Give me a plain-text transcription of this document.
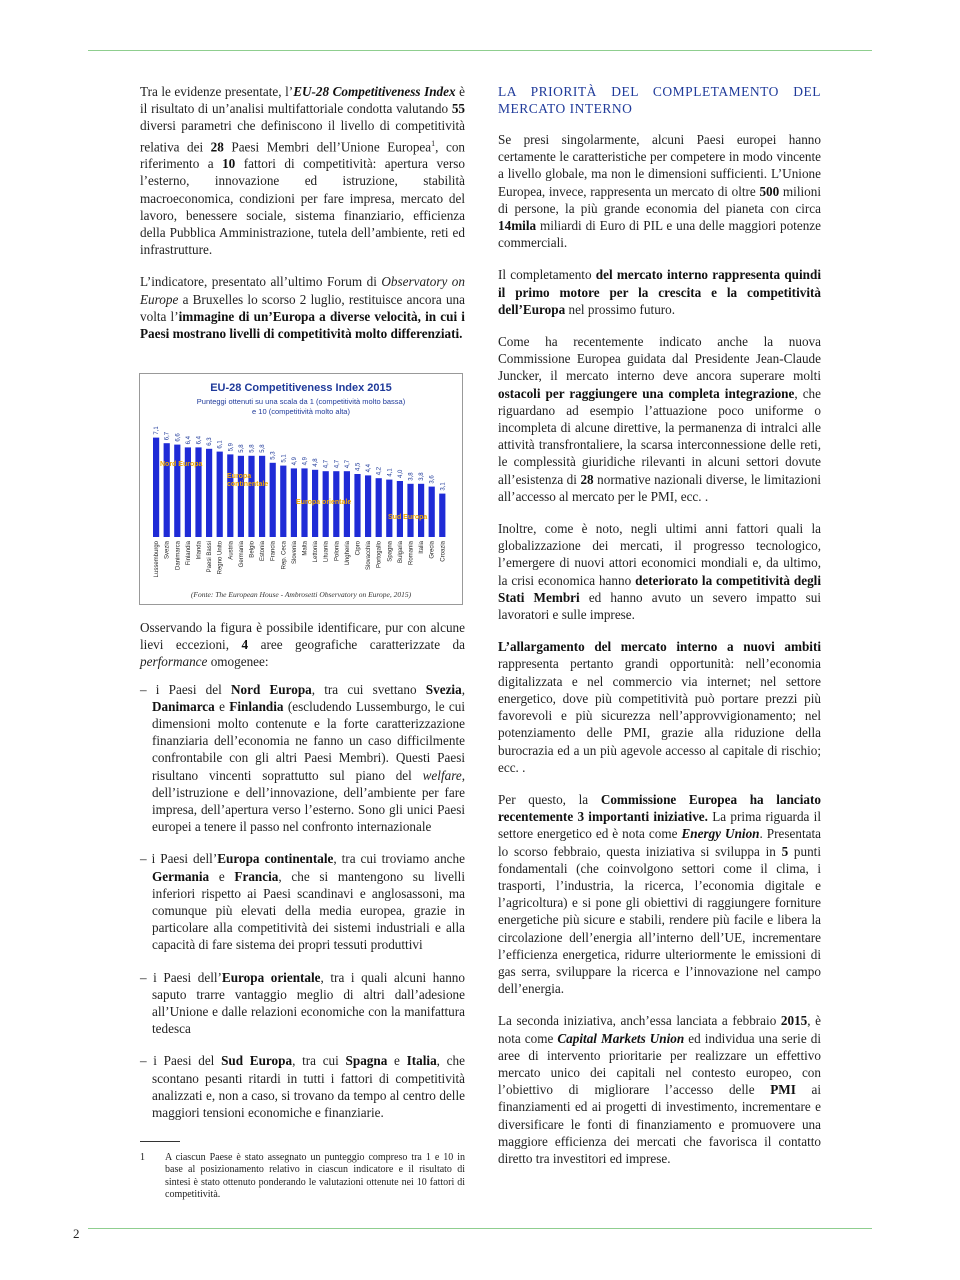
Tra le evidenze presentate, l’EU-28 Competitiveness Index è il risultato di un’analisi multifattoriale condotta valutando 55 diversi parametri che definiscono il livello di competitività relativa dei 28 Paesi Membri dell’Unione Europea$^1$, con riferimento a 10 fattori di competitività: apertura verso l’esterno, innovazione ed istruzione, stabilità macroeconomica, condizioni per fare impresa, mercato del lavoro, benessere sociale, sistema finanziario, efficienza della Pubblica Amministrazione, tutela dell’ambiente, reti ed infrastrutture.

L’indicatore, presentato all’ultimo Forum di Observatory on Europe a Bruxelles lo scorso 2 luglio, restituisce ancora una volta l’immagine di un’Europa a diverse velocità, in cui i Paesi mostrano livelli di competitività molto differenziati.

EU-28 Competitiveness Index 2015
Punteggi ottenuti su una scala da 1 (competitività molto bassa)
e 10 (competitività molto alta)
7,1
Lussemburgo
6,7
Svezia
6,6
Danimarca
6,4
Finlandia
6,4
Irlanda
6,3
Paesi Bassi
6,1
Regno Unito
5,9
Austria
5,8
Germania
5,8
Belgio
5,8
Estonia
5,3
Francia
5,1
Rep. Ceca
4,9
Slovenia
4,9
Malta
4,8
Lettonia
4,7
Lituania
4,7
Polonia
4,7
Ungheria
4,5
Cipro
4,4
Slovacchia
4,2
Portogallo
4,1
Spagna
4,0
Bulgaria
3,8
Romania
3,8
Italia
3,6
Grecia
3,1
Croazia
Nord Europa
Europa
continentale
Europa orientale
Sud Europa
(Fonte: The European House - Ambrosetti Observatory on Europe, 2015)

Osservando la figura è possibile identificare, pur con alcune lievi eccezioni, 4 aree geografiche caratterizzate da performance omogenee:

– i Paesi del Nord Europa, tra cui svettano Svezia, Danimarca e Finlandia (escludendo Lussemburgo, le cui dimensioni molto contenute e la forte caratterizzazione finanziaria dell’economia ne fanno un caso difficilmente confrontabile con gli altri Paesi Membri). Questi Paesi risultano vincenti soprattutto sul piano del welfare, dell’istruzione e dell’innovazione, dell’ambiente per fare impresa, dell’apertura verso l’esterno. Sono gli unici Paesi europei a tenere il passo nel confronto internazionale

– i Paesi dell’Europa continentale, tra cui troviamo anche Germania e Francia, che si mantengono su livelli inferiori rispetto ai Paesi scandinavi e anglosassoni, ma comunque più elevati della media europea, grazie in particolare alla competitività dei sistemi industriali e alla capacità di fare sistema dei propri tessuti produttivi

– i Paesi dell’Europa orientale, tra i quali alcuni hanno saputo trarre vantaggio meglio di altri dall’adesione all’Unione e dalle relazioni economiche con la manifattura tedesca

– i Paesi del Sud Europa, tra cui Spagna e Italia, che scontano pesanti ritardi in tutti i fattori di competitività analizzati e, non a caso, si trovano da tempo al centro delle maggiori tensioni economiche e finanziarie.

1	A ciascun Paese è stato assegnato un punteggio compreso tra 1 e 10 in base al posizionamento relativo in ciascun indicatore e il risultato di sintesi è stato ottenuto ponderando le valutazioni ottenute nei 10 fattori di competitività.
LA PRIORITÀ DEL COMPLETAMENTO DEL MERCATO INTERNO

Se presi singolarmente, alcuni Paesi europei hanno certamente le caratteristiche per competere in modo vincente a livello globale, ma non le dimensioni sufficienti. L’Unione Europea, invece, rappresenta un mercato di oltre 500 milioni di persone, la più grande economia del pianeta con circa 14mila miliardi di Euro di PIL e una delle maggiori potenze commerciali.

Il completamento del mercato interno rappresenta quindi il primo motore per la crescita e la competitività dell’Europa nel prossimo futuro.

Come ha recentemente indicato anche la nuova Commissione Europea guidata dal Presidente Jean-Claude Juncker, il mercato interno deve ancora superare molti ostacoli per raggiungere una completa integrazione, che riguardano ad esempio l’attuazione poco uniforme o incompleta di alcune direttive, la permanenza di intralci alle attività transfrontaliere, la scarsa interconnessione delle reti, le complessità giuridiche rilevanti in alcuni settori dovute all’esistenza di 28 normative nazionali diverse, le limitazioni all’accesso al mercato per le PMI, ecc. .

Inoltre, come è noto, negli ultimi anni fattori quali la globalizzazione dei mercati, il progresso tecnologico, l’emergere di nuovi attori economici mondiali e, da ultimo, la crisi economica hanno deteriorato la competitività degli Stati Membri ed hanno avuto un severo impatto sui lavoratori e sulle imprese.

L’allargamento del mercato interno a nuovi ambiti rappresenta pertanto grandi opportunità: nell’economia digitalizzata e nel commercio via internet; nel settore energetico, dove più competitività può portare prezzi più favorevoli e più sicurezza nell’approvvigionamento; nel potenziamento delle PMI, grazie alla riduzione della burocrazia ed a un più agevole accesso al capitale di rischio; ecc. .

Per questo, la Commissione Europea ha lanciato recentemente 3 importanti iniziative. La prima riguarda il settore energetico ed è nota come Energy Union. Presentata lo scorso febbraio, questa iniziativa si sviluppa in 5 punti fondamentali (che coinvolgono settori come il clima, i trasporti, l’industria, la ricerca, l’economia digitale e l’agricoltura) e si pone gli obiettivi di raggiungere forniture energetiche più sicure e stabili, rendere più facile e libera la circolazione dell’energia all’interno dell’UE, incrementare l’efficienza energetica, ridurre ulteriormente le emissioni di gas serra, sviluppare la ricerca e l’innovazione nel campo dell’energia.

La seconda iniziativa, anch’essa lanciata a febbraio 2015, è nota come Capital Markets Union ed individua una serie di aree di intervento prioritarie per realizzare un effettivo mercato unico dei capitali nel contesto europeo, con l’obiettivo di migliorare l’accesso delle PMI ai finanziamenti ed ai progetti di investimento, incrementare e diversificare le fonti di finanziamento e promuovere una maggiore efficienza dei mercati che favorisca il contatto diretto tra investitori ed imprese.

2
